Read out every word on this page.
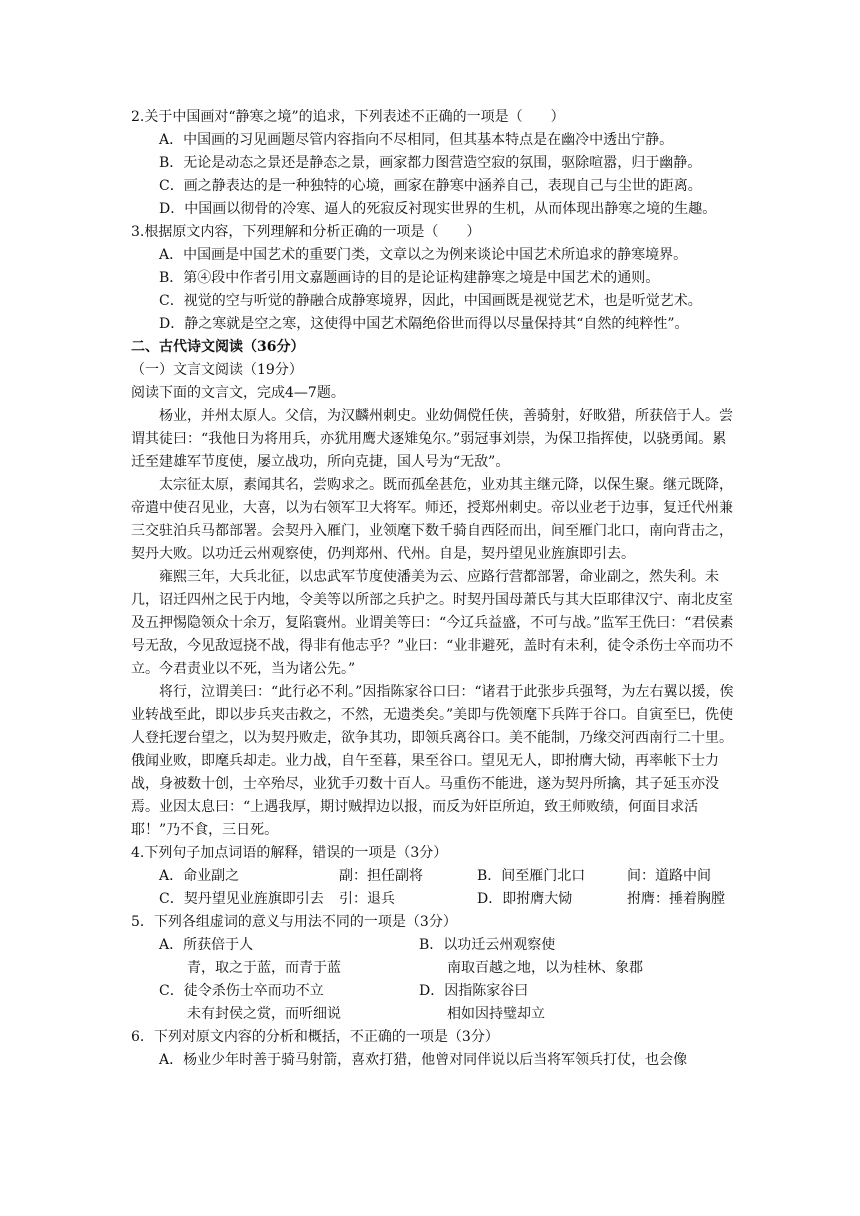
2.关于中国画对“静寒之境”的追求，下列表述不正确的一项是（　　）

A．中国画的习见画题尽管内容指向不尽相同，但其基本特点是在幽冷中透出宁静。

B．无论是动态之景还是静态之景，画家都力图营造空寂的氛围，驱除喧嚣，归于幽静。

C．画之静表达的是一种独特的心境，画家在静寒中涵养自己，表现自己与尘世的距离。

D．中国画以彻骨的冷寒、逼人的死寂反衬现实世界的生机，从而体现出静寒之境的生趣。

3.根据原文内容，下列理解和分析正确的一项是（　　）

A．中国画是中国艺术的重要门类，文章以之为例来谈论中国艺术所追求的静寒境界。

B．第④段中作者引用文嘉题画诗的目的是论证构建静寒之境是中国艺术的通则。

C．视觉的空与听觉的静融合成静寒境界，因此，中国画既是视觉艺术，也是听觉艺术。

D．静之寒就是空之寒，这使得中国艺术隔绝俗世而得以尽量保持其“自然的纯粹性”。

二、古代诗文阅读（36分）

（一）文言文阅读（19分）

阅读下面的文言文，完成4—7题。

杨业，并州太原人。父信，为汉麟州刺史。业幼倜傥任侠，善骑射，好畋猎，所获倍于人。尝谓其徒曰：“我他日为将用兵，亦犹用鹰犬逐雉兔尔。”弱冠事刘崇，为保卫指挥使，以骁勇闻。累迁至建雄军节度使，屡立战功，所向克捷，国人号为“无敌”。

太宗征太原，素闻其名，尝购求之。既而孤垒甚危，业劝其主继元降，以保生聚。继元既降，帝遣中使召见业，大喜，以为右领军卫大将军。师还，授郑州刺史。帝以业老于边事，复迁代州兼三交驻泊兵马都部署。会契丹入雁门，业领麾下数千骑自西陉而出，间至雁门北口，南向背击之，契丹大败。以功迁云州观察使，仍判郑州、代州。自是，契丹望见业旌旗即引去。

雍熙三年，大兵北征，以忠武军节度使潘美为云、应路行营都部署，命业副之，然失利。未几，诏迁四州之民于内地，令美等以所部之兵护之。时契丹国母萧氏与其大臣耶律汉宁、南北皮室及五押惕隐领众十余万，复陷寰州。业谓美等曰：“今辽兵益盛，不可与战。”监军王侁曰：“君侯素号无敌，今见敌逗挠不战，得非有他志乎？”业曰：“业非避死，盖时有未利，徒令杀伤士卒而功不立。今君责业以不死，当为诸公先。”

将行，泣谓美曰：“此行必不利。”因指陈家谷口曰：“诸君于此张步兵强弩，为左右翼以援，俟业转战至此，即以步兵夹击救之，不然，无遗类矣。”美即与侁领麾下兵阵于谷口。自寅至巳，侁使人登托逻台望之，以为契丹败走，欲争其功，即领兵离谷口。美不能制，乃缘交河西南行二十里。俄闻业败，即麾兵却走。业力战，自午至暮，果至谷口。望见无人，即拊膺大恸，再率帐下士力战，身被数十创，士卒殆尽，业犹手刃数十百人。马重伤不能进，遂为契丹所擒，其子延玉亦没焉。业因太息曰：“上遇我厚，期讨贼捍边以报，而反为奸臣所迫，致王师败绩，何面目求活耶！”乃不食，三日死。

4.下列句子加点词语的解释，错误的一项是（3分）

A．命业副之	副：担任副将	B．间至雁门北口	间：道路中间
C．契丹望见业旌旗即引去	引：退兵	D．即拊膺大恸	拊膺：捶着胸膛

5．下列各组虚词的意义与用法不同的一项是（3分）

A．所获倍于人	B．以功迁云州观察使
青，取之于蓝，而青于蓝	南取百越之地，以为桂林、象郡
C．徒令杀伤士卒而功不立	D．因指陈家谷曰
未有封侯之赏，而听细说	相如因持璧却立

6．下列对原文内容的分析和概括，不正确的一项是（3分）

A．杨业少年时善于骑马射箭，喜欢打猎，他曾对同伴说以后当将军领兵打仗，也会像
